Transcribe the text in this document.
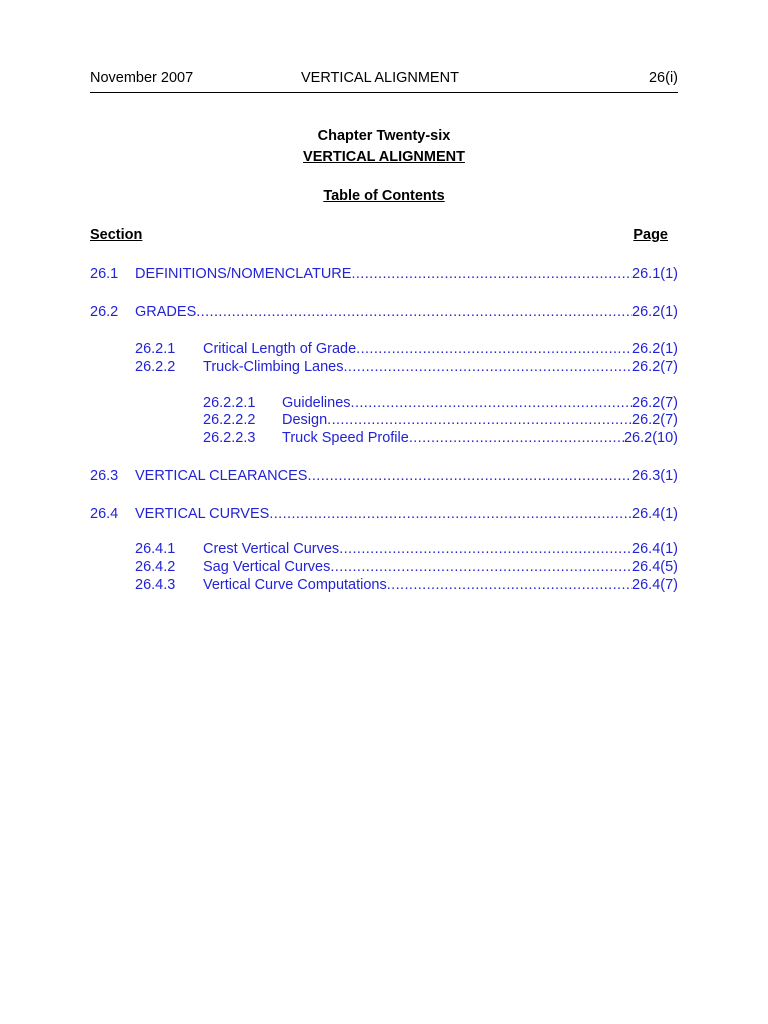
November 2007	VERTICAL ALIGNMENT	26(i)
Chapter Twenty-six
VERTICAL ALIGNMENT
Table of Contents
Section	Page
26.1 DEFINITIONS/NOMENCLATURE .....	26.1(1)
26.2 GRADES .....	26.2(1)
26.2.1 Critical Length of Grade .....	26.2(1)
26.2.2 Truck-Climbing Lanes .....	26.2(7)
26.2.2.1 Guidelines .....	26.2(7)
26.2.2.2 Design .....	26.2(7)
26.2.2.3 Truck Speed Profile .....	26.2(10)
26.3 VERTICAL CLEARANCES .....	26.3(1)
26.4 VERTICAL CURVES .....	26.4(1)
26.4.1 Crest Vertical Curves .....	26.4(1)
26.4.2 Sag Vertical Curves .....	26.4(5)
26.4.3 Vertical Curve Computations .....	26.4(7)
